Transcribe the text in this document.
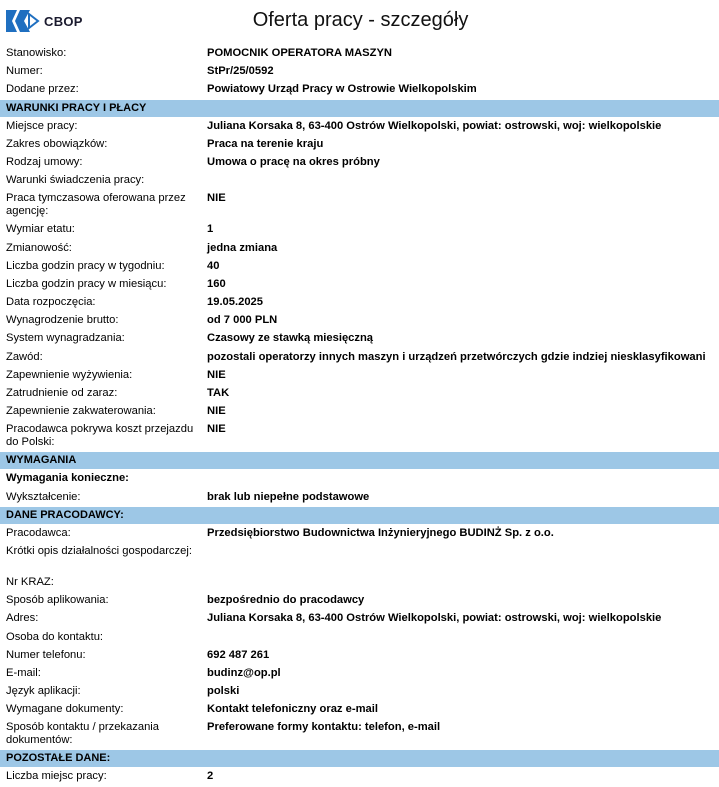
CBOP	Oferta pracy - szczegóły
Stanowisko:	POMOCNIK OPERATORA MASZYN
Numer:	StPr/25/0592
Dodane przez:	Powiatowy Urząd Pracy w Ostrowie Wielkopolskim
WARUNKI PRACY I PŁACY
Miejsce pracy:	Juliana Korsaka 8, 63-400 Ostrów Wielkopolski, powiat: ostrowski, woj: wielkopolskie
Zakres obowiązków:	Praca na terenie kraju
Rodzaj umowy:	Umowa o pracę na okres próbny
Warunki świadczenia pracy:
Praca tymczasowa oferowana przez agencję:
NIE
Wymiar etatu:	1
Zmianowość:	jedna zmiana
Liczba godzin pracy w tygodniu:	40
Liczba godzin pracy w miesiącu:	160
Data rozpoczęcia:	19.05.2025
Wynagrodzenie brutto:	od 7 000 PLN
System wynagradzania:	Czasowy ze stawką miesięczną
Zawód:	pozostali operatorzy innych maszyn i urządzeń przetwórczych gdzie indziej niesklasyfikowani
Zapewnienie wyżywienia:	NIE
Zatrudnienie od zaraz:	TAK
Zapewnienie zakwaterowania:	NIE
Pracodawca pokrywa koszt przejazdu do Polski:
NIE
WYMAGANIA
Wymagania konieczne:
Wykształcenie:	brak lub niepełne podstawowe
DANE PRACODAWCY:
Pracodawca:	Przedsiębiorstwo Budownictwa Inżynieryjnego BUDINŻ Sp. z o.o.
Krótki opis działalności gospodarczej:
Nr KRAZ:
Sposób aplikowania:	bezpośrednio do pracodawcy
Adres:	Juliana Korsaka 8, 63-400 Ostrów Wielkopolski, powiat: ostrowski, woj: wielkopolskie
Osoba do kontaktu:
Numer telefonu:	692 487 261
E-mail:	budinz@op.pl
Język aplikacji:	polski
Wymagane dokumenty:	Kontakt telefoniczny oraz e-mail
Sposób kontaktu / przekazania dokumentów:
Preferowane formy kontaktu: telefon, e-mail
POZOSTAŁE DANE:
Liczba miejsc pracy:	2
